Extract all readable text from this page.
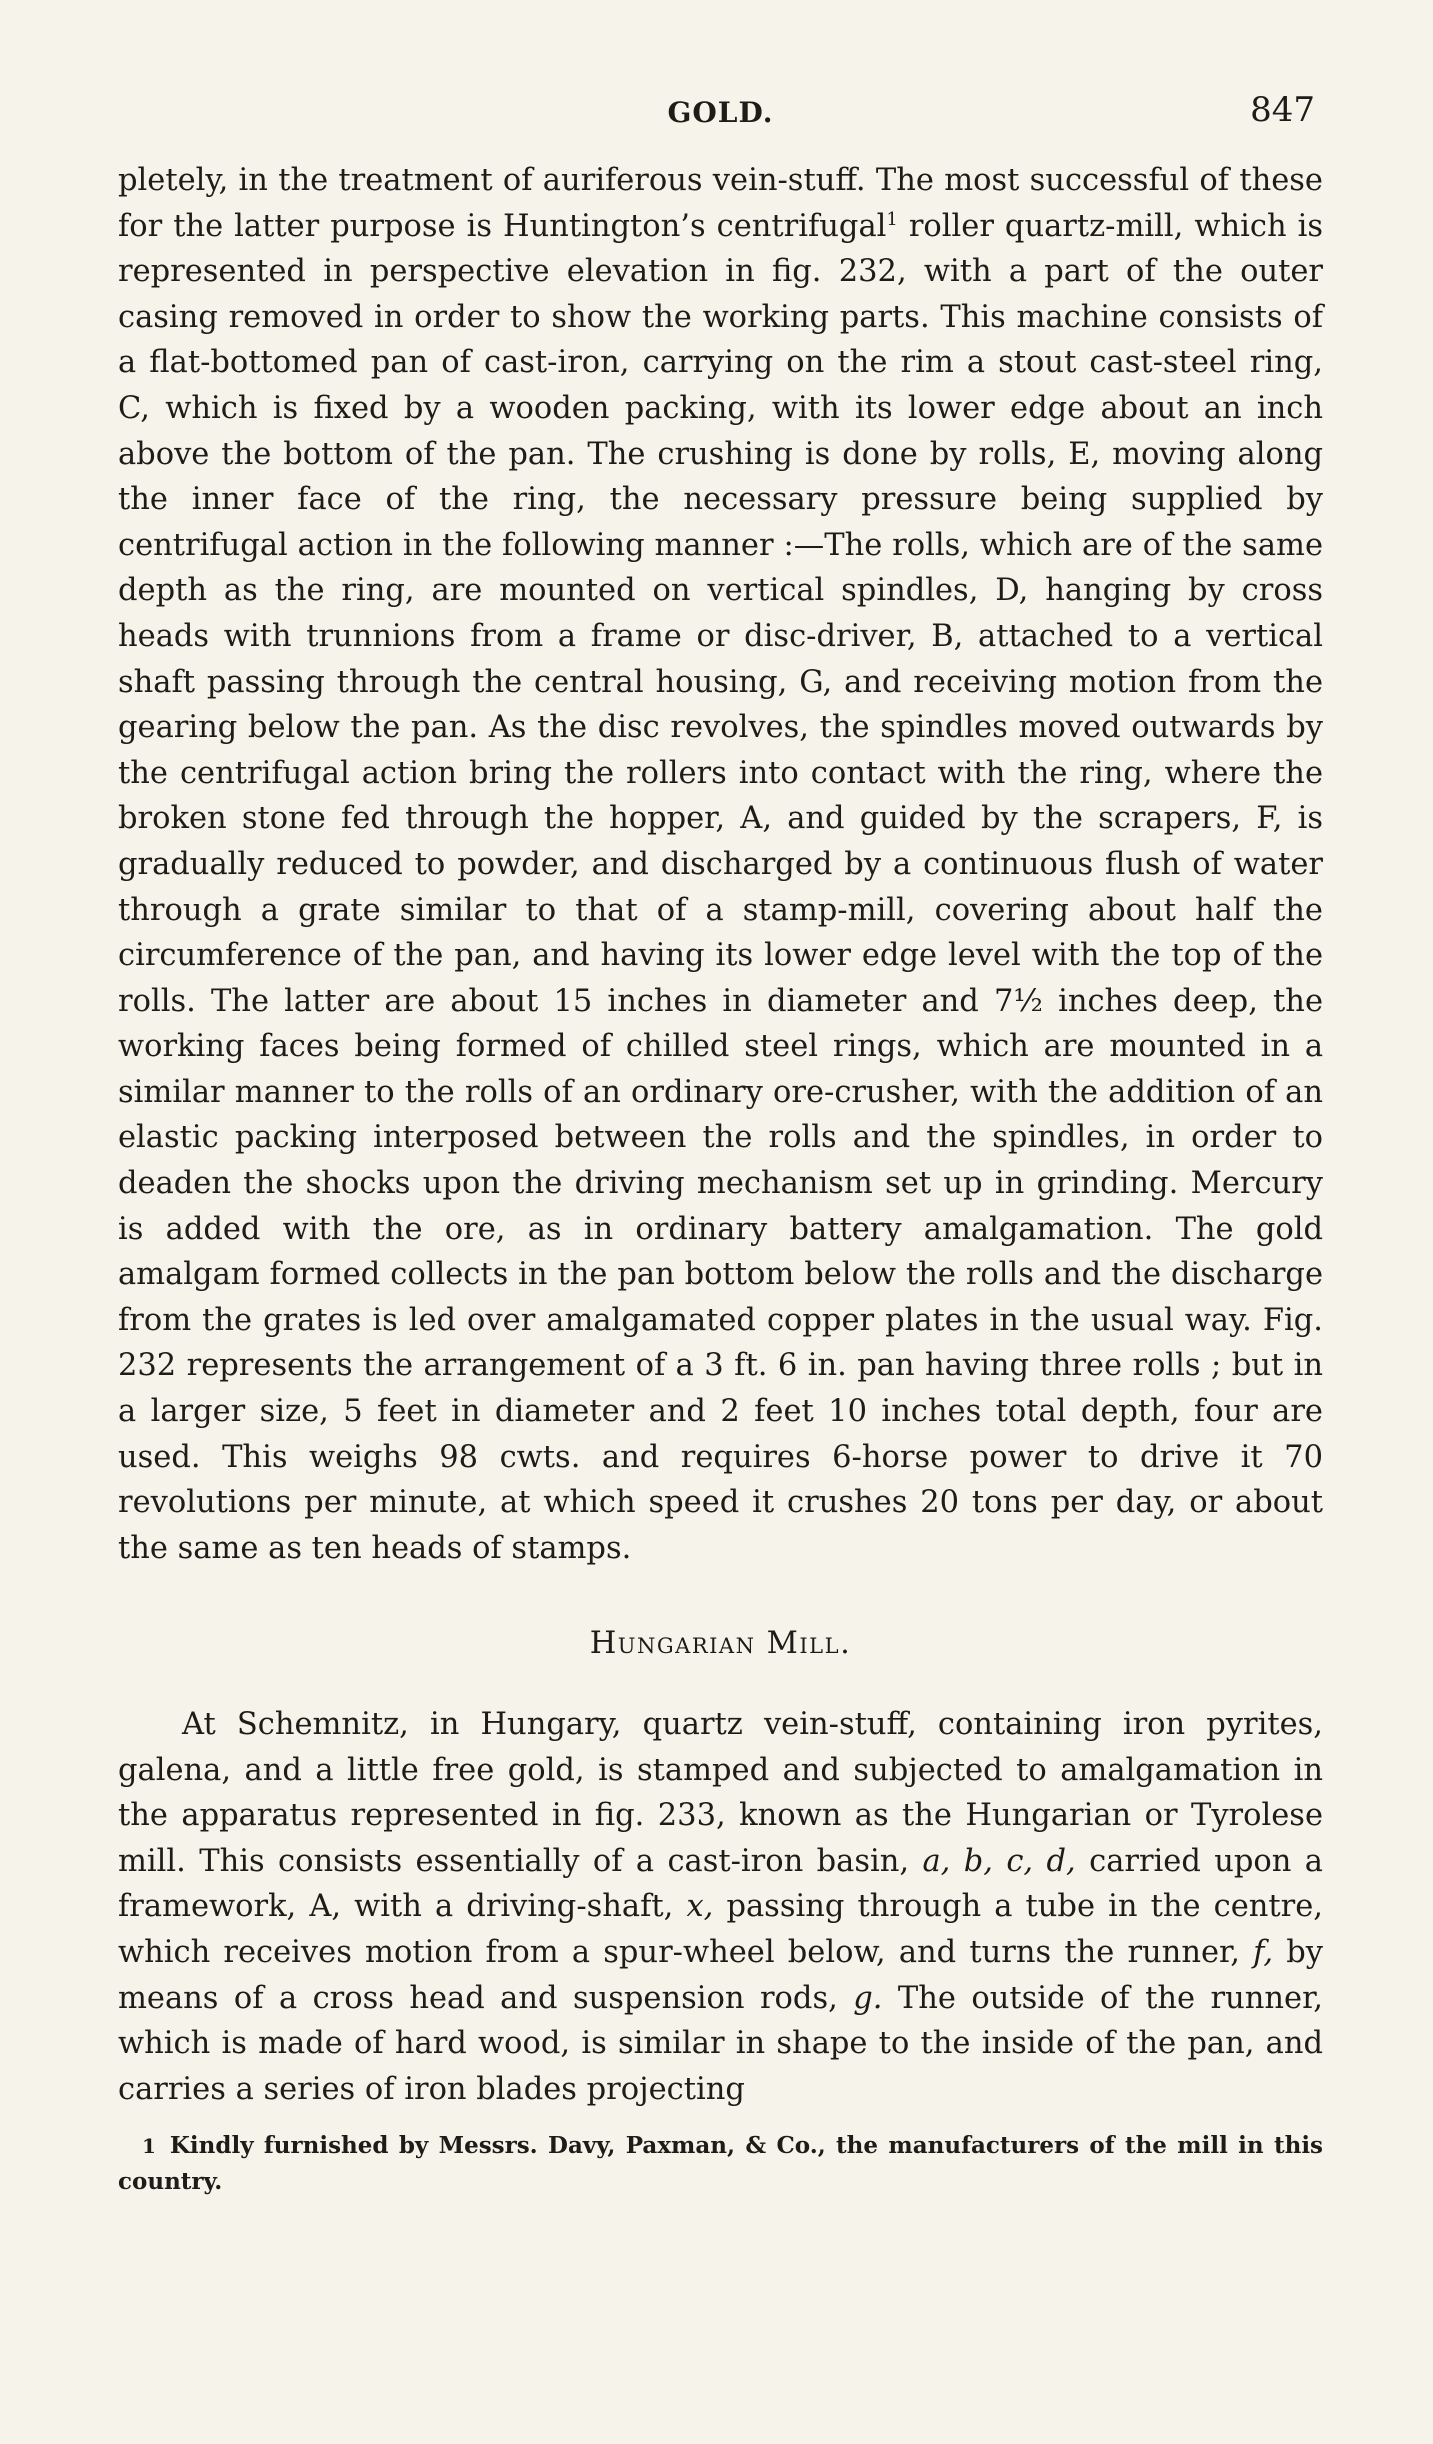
GOLD.	847

pletely, in the treatment of auriferous vein-stuff. The most successful of these for the latter purpose is Huntington’s centrifugal$^1$ roller quartz-mill, which is represented in perspective elevation in fig. 232, with a part of the outer casing removed in order to show the working parts. This machine consists of a flat-bottomed pan of cast-iron, carrying on the rim a stout cast-steel ring, C, which is fixed by a wooden packing, with its lower edge about an inch above the bottom of the pan. The crushing is done by rolls, E, moving along the inner face of the ring, the necessary pressure being supplied by centrifugal action in the following manner :—The rolls, which are of the same depth as the ring, are mounted on vertical spindles, D, hanging by cross heads with trunnions from a frame or disc-driver, B, attached to a vertical shaft passing through the central housing, G, and receiving motion from the gearing below the pan. As the disc revolves, the spindles moved outwards by the centrifugal action bring the rollers into contact with the ring, where the broken stone fed through the hopper, A, and guided by the scrapers, F, is gradually reduced to powder, and discharged by a continuous flush of water through a grate similar to that of a stamp-mill, covering about half the circumference of the pan, and having its lower edge level with the top of the rolls. The latter are about 15 inches in diameter and 7½ inches deep, the working faces being formed of chilled steel rings, which are mounted in a similar manner to the rolls of an ordinary ore-crusher, with the addition of an elastic packing interposed between the rolls and the spindles, in order to deaden the shocks upon the driving mechanism set up in grinding. Mercury is added with the ore, as in ordinary battery amalgamation. The gold amalgam formed collects in the pan bottom below the rolls and the discharge from the grates is led over amalgamated copper plates in the usual way. Fig. 232 represents the arrangement of a 3 ft. 6 in. pan having three rolls ; but in a larger size, 5 feet in diameter and 2 feet 10 inches total depth, four are used. This weighs 98 cwts. and requires 6-horse power to drive it 70 revolutions per minute, at which speed it crushes 20 tons per day, or about the same as ten heads of stamps.

Hungarian Mill.

At Schemnitz, in Hungary, quartz vein-stuff, containing iron pyrites, galena, and a little free gold, is stamped and subjected to amalgamation in the apparatus represented in fig. 233, known as the Hungarian or Tyrolese mill. This consists essentially of a cast-iron basin, a, b, c, d, carried upon a framework, A, with a driving-shaft, x, passing through a tube in the centre, which receives motion from a spur-wheel below, and turns the runner, f, by means of a cross head and suspension rods, g. The outside of the runner, which is made of hard wood, is similar in shape to the inside of the pan, and carries a series of iron blades projecting

1 Kindly furnished by Messrs. Davy, Paxman, & Co., the manufacturers of the mill in this country.
